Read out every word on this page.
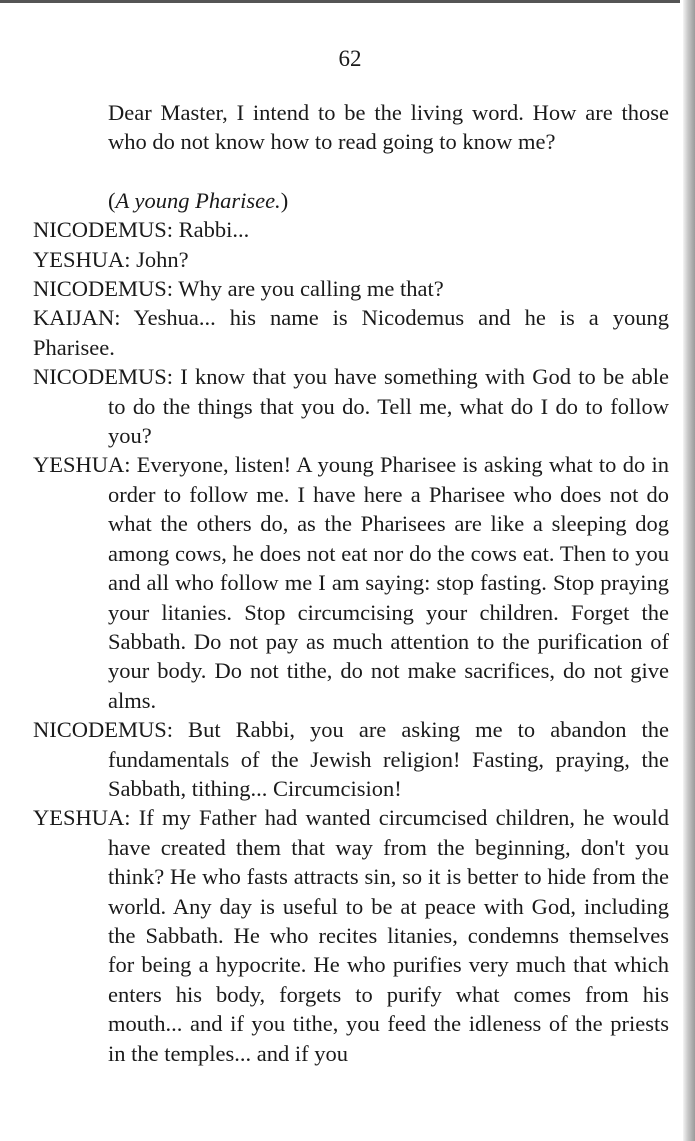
62

Dear Master, I intend to be the living word. How are those who do not know how to read going to know me?

(A young Pharisee.)

NICODEMUS: Rabbi...

YESHUA: John?

NICODEMUS: Why are you calling me that?

KAIJAN: Yeshua... his name is Nicodemus and he is a young Pharisee.

NICODEMUS: I know that you have something with God to be able to do the things that you do. Tell me, what do I do to follow you?

YESHUA: Everyone, listen! A young Pharisee is asking what to do in order to follow me. I have here a Pharisee who does not do what the others do, as the Pharisees are like a sleeping dog among cows, he does not eat nor do the cows eat. Then to you and all who follow me I am saying: stop fasting. Stop praying your litanies. Stop circumcising your children. Forget the Sabbath. Do not pay as much attention to the purification of your body. Do not tithe, do not make sacrifices, do not give alms.

NICODEMUS: But Rabbi, you are asking me to abandon the fundamentals of the Jewish religion! Fasting, praying, the Sabbath, tithing... Circumcision!

YESHUA: If my Father had wanted circumcised children, he would have created them that way from the beginning, don't you think? He who fasts attracts sin, so it is better to hide from the world. Any day is useful to be at peace with God, including the Sabbath. He who recites litanies, condemns themselves for being a hypocrite. He who purifies very much that which enters his body, forgets to purify what comes from his mouth... and if you tithe, you feed the idleness of the priests in the temples... and if you
